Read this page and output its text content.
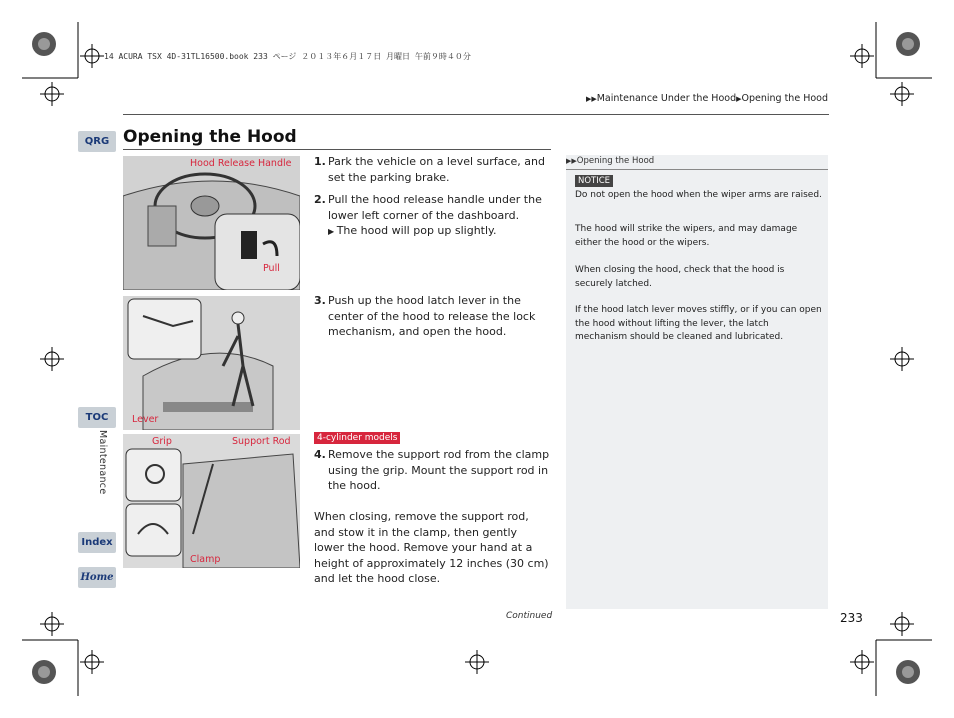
14 ACURA TSX 4D-31TL16500.book 233 ページ ２０１３年６月１７日 月曜日 午前９時４０分
▶▶Maintenance Under the Hood▶Opening the Hood
Opening the Hood
QRG
TOC
Index
Home
Maintenance
Hood Release Handle
Pull
Lever
Grip	Support Rod
Clamp
1. Park the vehicle on a level surface, and set the parking brake.
2. Pull the hood release handle under the lower left corner of the dashboard.
▶ The hood will pop up slightly.
3. Push up the hood latch lever in the center of the hood to release the lock mechanism, and open the hood.
4-cylinder models
4. Remove the support rod from the clamp using the grip. Mount the support rod in the hood.
When closing, remove the support rod, and stow it in the clamp, then gently lower the hood. Remove your hand at a height of approximately 12 inches (30 cm) and let the hood close.
▶▶Opening the Hood
NOTICE
Do not open the hood when the wiper arms are raised.
The hood will strike the wipers, and may damage either the hood or the wipers.
When closing the hood, check that the hood is securely latched.
If the hood latch lever moves stiffly, or if you can open the hood without lifting the lever, the latch mechanism should be cleaned and lubricated.
Continued	233
